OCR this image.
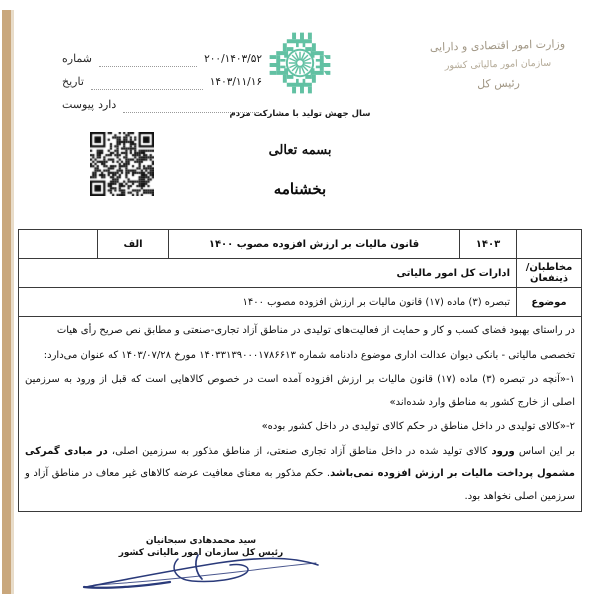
وزارت امور اقتصادی و دارایی
سازمان امور مالیاتی کشور
رئیس کل
شماره	۲۰۰/۱۴۰۳/۵۲
تاریخ	۱۴۰۳/۱۱/۱۶
پیوست دارد
سال جهش تولید با مشارکت مردم
بسمه تعالی
بخشنامه
	۱۴۰۳	قانون مالیات بر ارزش افزوده مصوب ۱۴۰۰	الف	
مخاطبان/ ذینفعان	ادارات کل امور مالیاتی			
موضوع	تبصره (۳) ماده (۱۷) قانون مالیات بر ارزش افزوده مصوب ۱۴۰۰			

در راستای بهبود فضای کسب و کار و حمایت از فعالیت‌های تولیدی در مناطق آزاد تجاری-صنعتی و مطابق نص صریح رأی هیات

تخصصی مالیاتی - بانکی دیوان عدالت اداری موضوع دادنامه شماره ۱۴۰۳۳۱۳۹۰۰۰۱۷۸۶۶۱۳ مورخ ۱۴۰۳/۰۷/۲۸ که عنوان می‌دارد:

۱-«آنچه در تبصره (۳) ماده (۱۷) قانون مالیات بر ارزش افزوده آمده است در خصوص کالاهایی است که قبل از ورود به سرزمین اصلی از خارج کشور به مناطق وارد شده‌اند»

۲-«کالای تولیدی در داخل مناطق در حکم کالای تولیدی در داخل کشور بوده»

بر این اساس ورود کالای تولید شده در داخل مناطق آزاد تجاری صنعتی، از مناطق مذکور به سرزمین اصلی، در مبادی گمرکی مشمول پرداخت مالیات بر ارزش افزوده نمی‌باشد. حکم مذکور به معنای معافیت عرضه کالاهای غیر معاف در مناطق آزاد و سرزمین اصلی نخواهد بود.				

سید محمدهادی سبحانیان
رئیس کل سازمان امور مالیاتی کشور
